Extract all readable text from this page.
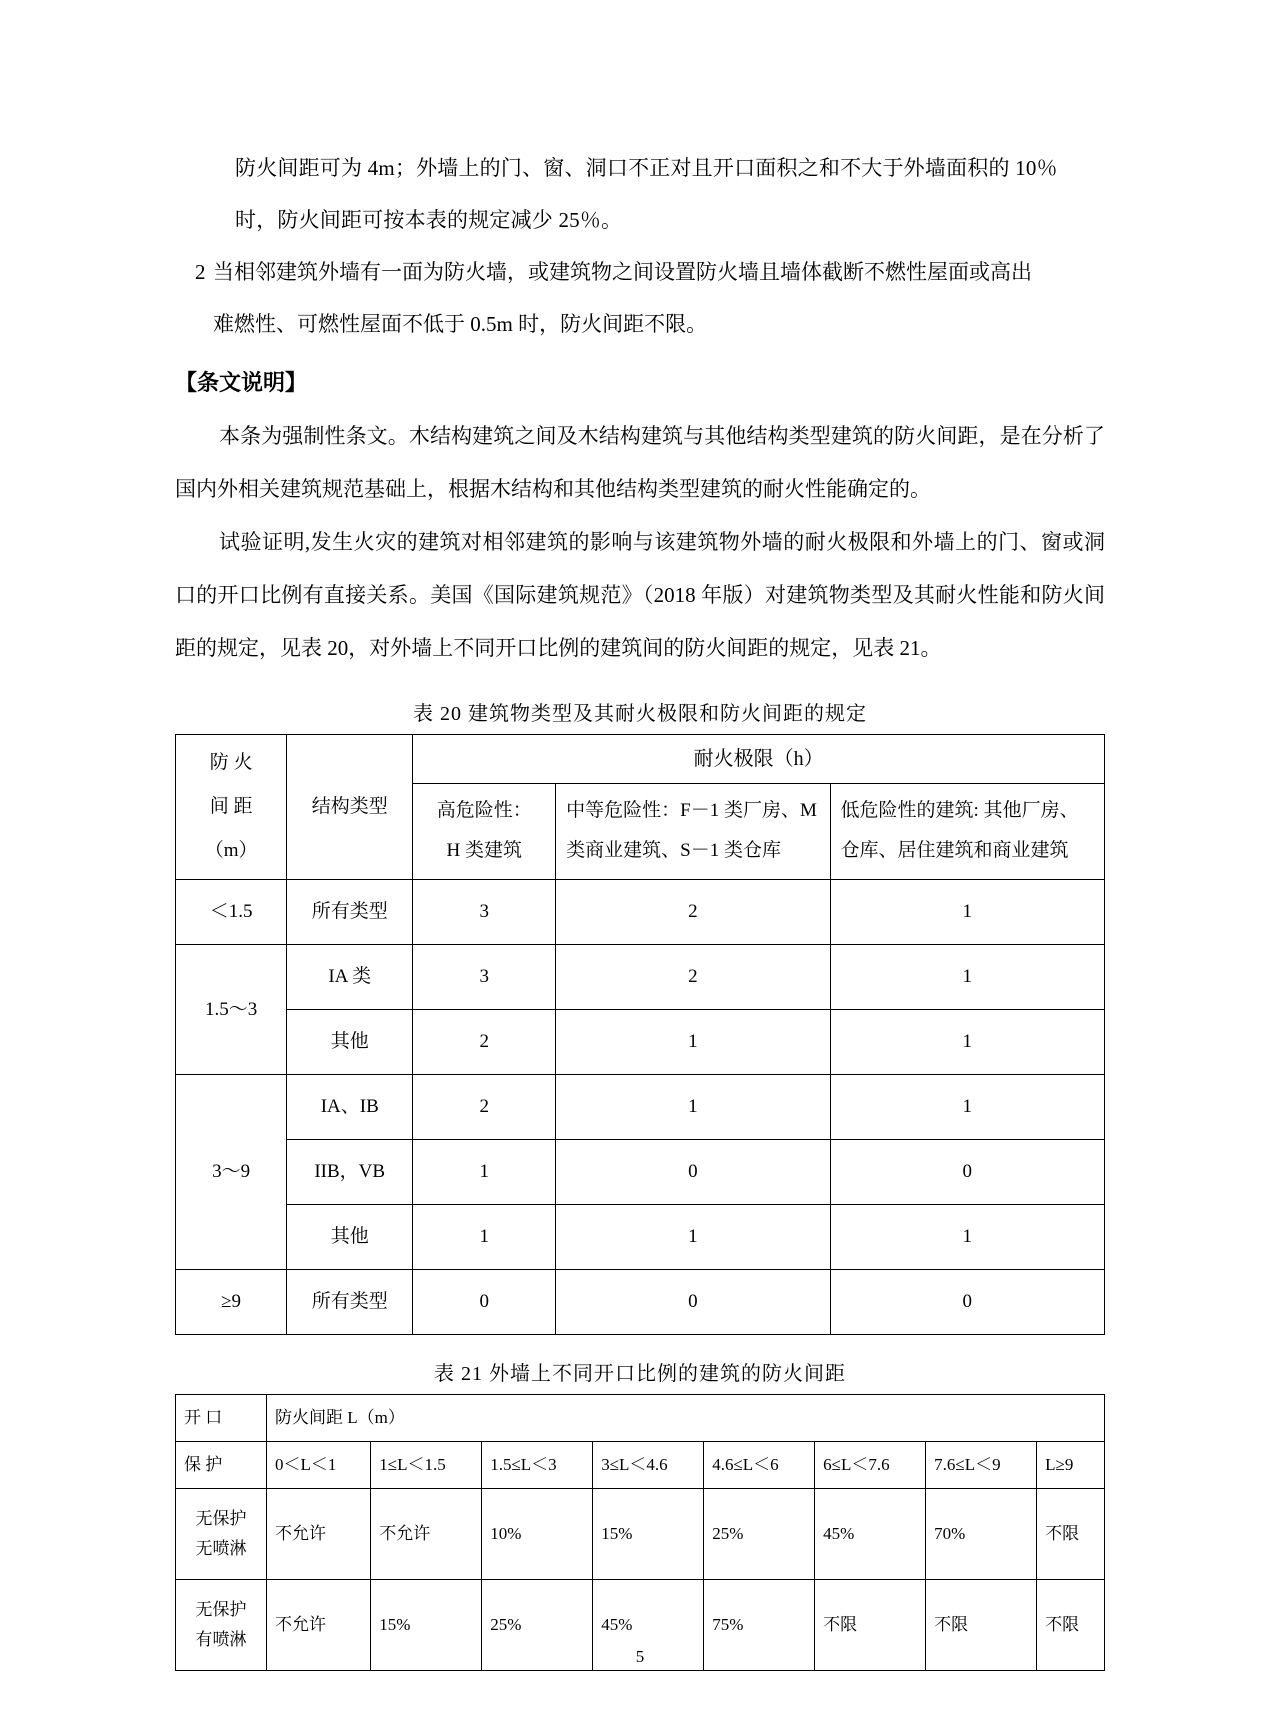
防火间距可为 4m；外墙上的门、窗、洞口不正对且开口面积之和不大于外墙面积的 10％
时，防火间距可按本表的规定减少 25％。
2 当相邻建筑外墙有一面为防火墙，或建筑物之间设置防火墙且墙体截断不燃性屋面或高出
难燃性、可燃性屋面不低于 0.5m 时，防火间距不限。
【条文说明】

本条为强制性条文。木结构建筑之间及木结构建筑与其他结构类型建筑的防火间距，是在分析了国内外相关建筑规范基础上，根据木结构和其他结构类型建筑的耐火性能确定的。

试验证明,发生火灾的建筑对相邻建筑的影响与该建筑物外墙的耐火极限和外墙上的门、窗或洞口的开口比例有直接关系。美国《国际建筑规范》（2018 年版）对建筑物类型及其耐火性能和防火间距的规定，见表 20，对外墙上不同开口比例的建筑间的防火间距的规定，见表 21。

表 20 建筑物类型及其耐火极限和防火间距的规定
防 火
间 距
（m）	结构类型	耐火极限（h）		

		高危险性：
H 类建筑	中等危险性：F－1 类厂房、M 类商业建筑、S－1 类仓库	低危险性的建筑: 其他厂房、仓库、居住建筑和商业建筑
＜1.5	所有类型	3	2	1
1.5～3	IA 类	3	2	1
	其他	2	1	1
3～9	IA、IB	2	1	1
	IIB，VB	1	0	0
	其他	1	1	1
≥9	所有类型	0	0	0
表 21 外墙上不同开口比例的建筑的防火间距
开 口	防火间距 L（m）							
保 护	0＜L＜1	1≤L＜1.5	1.5≤L＜3	3≤L＜4.6	4.6≤L＜6	6≤L＜7.6	7.6≤L＜9	L≥9

无保护
无喷淋	不允许	不允许	10%	15%	25%	45%	70%	不限

无保护
有喷淋	不允许	15%	25%	45%	75%	不限	不限	不限
5
